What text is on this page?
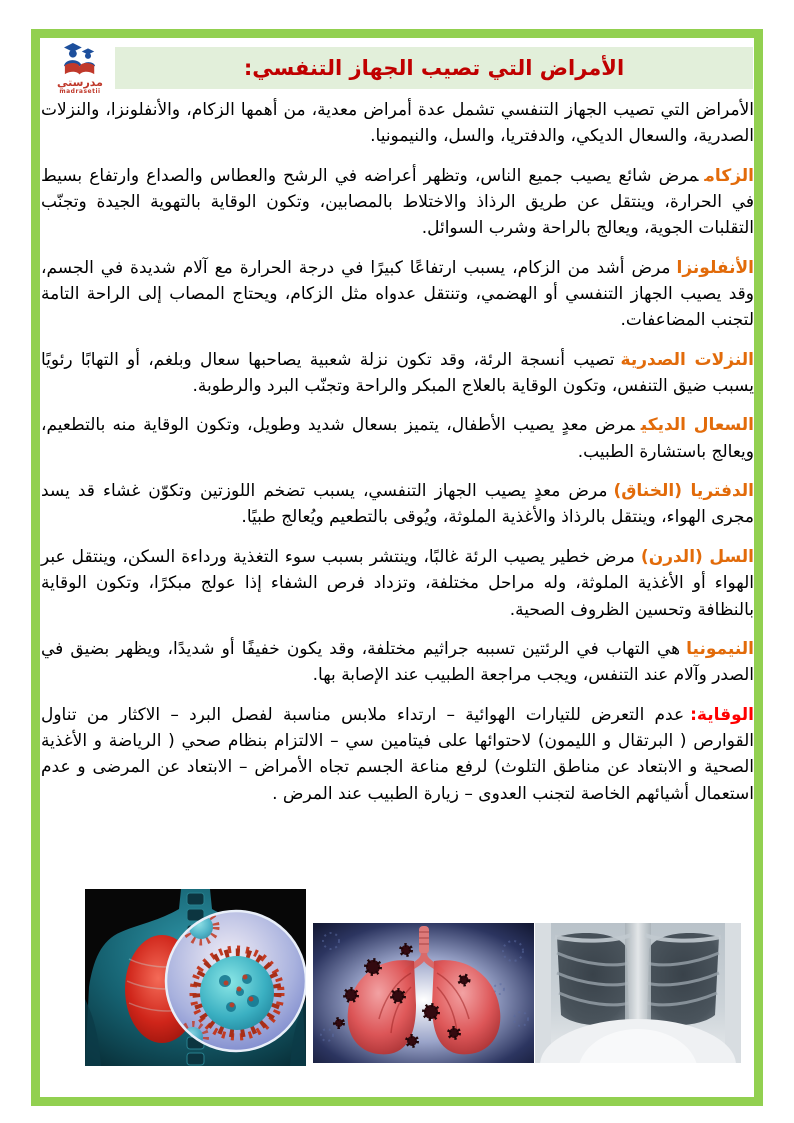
مدرستي
madrasetii
الأمراض التي تصيب الجهاز التنفسي:

الأمراض التي تصيب الجهاز التنفسي تشمل عدة أمراض معدية، من أهمها الزكام، والأنفلونزا، والنزلات الصدرية، والسعال الديكي، والدفتريا، والسل، والنيمونيا.

الزكاممرض شائع يصيب جميع الناس، وتظهر أعراضه في الرشح والعطاس والصداع وارتفاع بسيط في الحرارة، وينتقل عن طريق الرذاذ والاختلاط بالمصابين، وتكون الوقاية بالتهوية الجيدة وتجنّب التقلبات الجوية، ويعالج بالراحة وشرب السوائل.

الأنفلونزامرض أشد من الزكام، يسبب ارتفاعًا كبيرًا في درجة الحرارة مع آلام شديدة في الجسم، وقد يصيب الجهاز التنفسي أو الهضمي، وتنتقل عدواه مثل الزكام، ويحتاج المصاب إلى الراحة التامة لتجنب المضاعفات.

النزلات الصدريةتصيب أنسجة الرئة، وقد تكون نزلة شعبية يصاحبها سعال وبلغم، أو التهابًا رئويًا يسبب ضيق التنفس، وتكون الوقاية بالعلاج المبكر والراحة وتجنّب البرد والرطوبة.

السعال الديكيمرض معدٍ يصيب الأطفال، يتميز بسعال شديد وطويل، وتكون الوقاية منه بالتطعيم، ويعالج باستشارة الطبيب.

الدفتريا (الخناق)مرض معدٍ يصيب الجهاز التنفسي، يسبب تضخم اللوزتين وتكوّن غشاء قد يسد مجرى الهواء، وينتقل بالرذاذ والأغذية الملوثة، ويُوقى بالتطعيم ويُعالج طبيًا.

السل (الدرن)مرض خطير يصيب الرئة غالبًا، وينتشر بسبب سوء التغذية ورداءة السكن، وينتقل عبر الهواء أو الأغذية الملوثة، وله مراحل مختلفة، وتزداد فرص الشفاء إذا عولج مبكرًا، وتكون الوقاية بالنظافة وتحسين الظروف الصحية.

النيمونياهي التهاب في الرئتين تسببه جراثيم مختلفة، وقد يكون خفيفًا أو شديدًا، ويظهر بضيق في الصدر وآلام عند التنفس، ويجب مراجعة الطبيب عند الإصابة بها.

الوقاية:عدم التعرض للتيارات الهوائية – ارتداء ملابس مناسبة لفصل البرد – الاكثار من تناول القوارص ( البرتقال و الليمون) لاحتوائها على فيتامين سي – الالتزام بنظام صحي ( الرياضة و الأغذية الصحية و الابتعاد عن مناطق التلوث) لرفع مناعة الجسم تجاه الأمراض – الابتعاد عن المرضى و عدم استعمال أشيائهم الخاصة لتجنب العدوى – زيارة الطبيب عند المرض .
